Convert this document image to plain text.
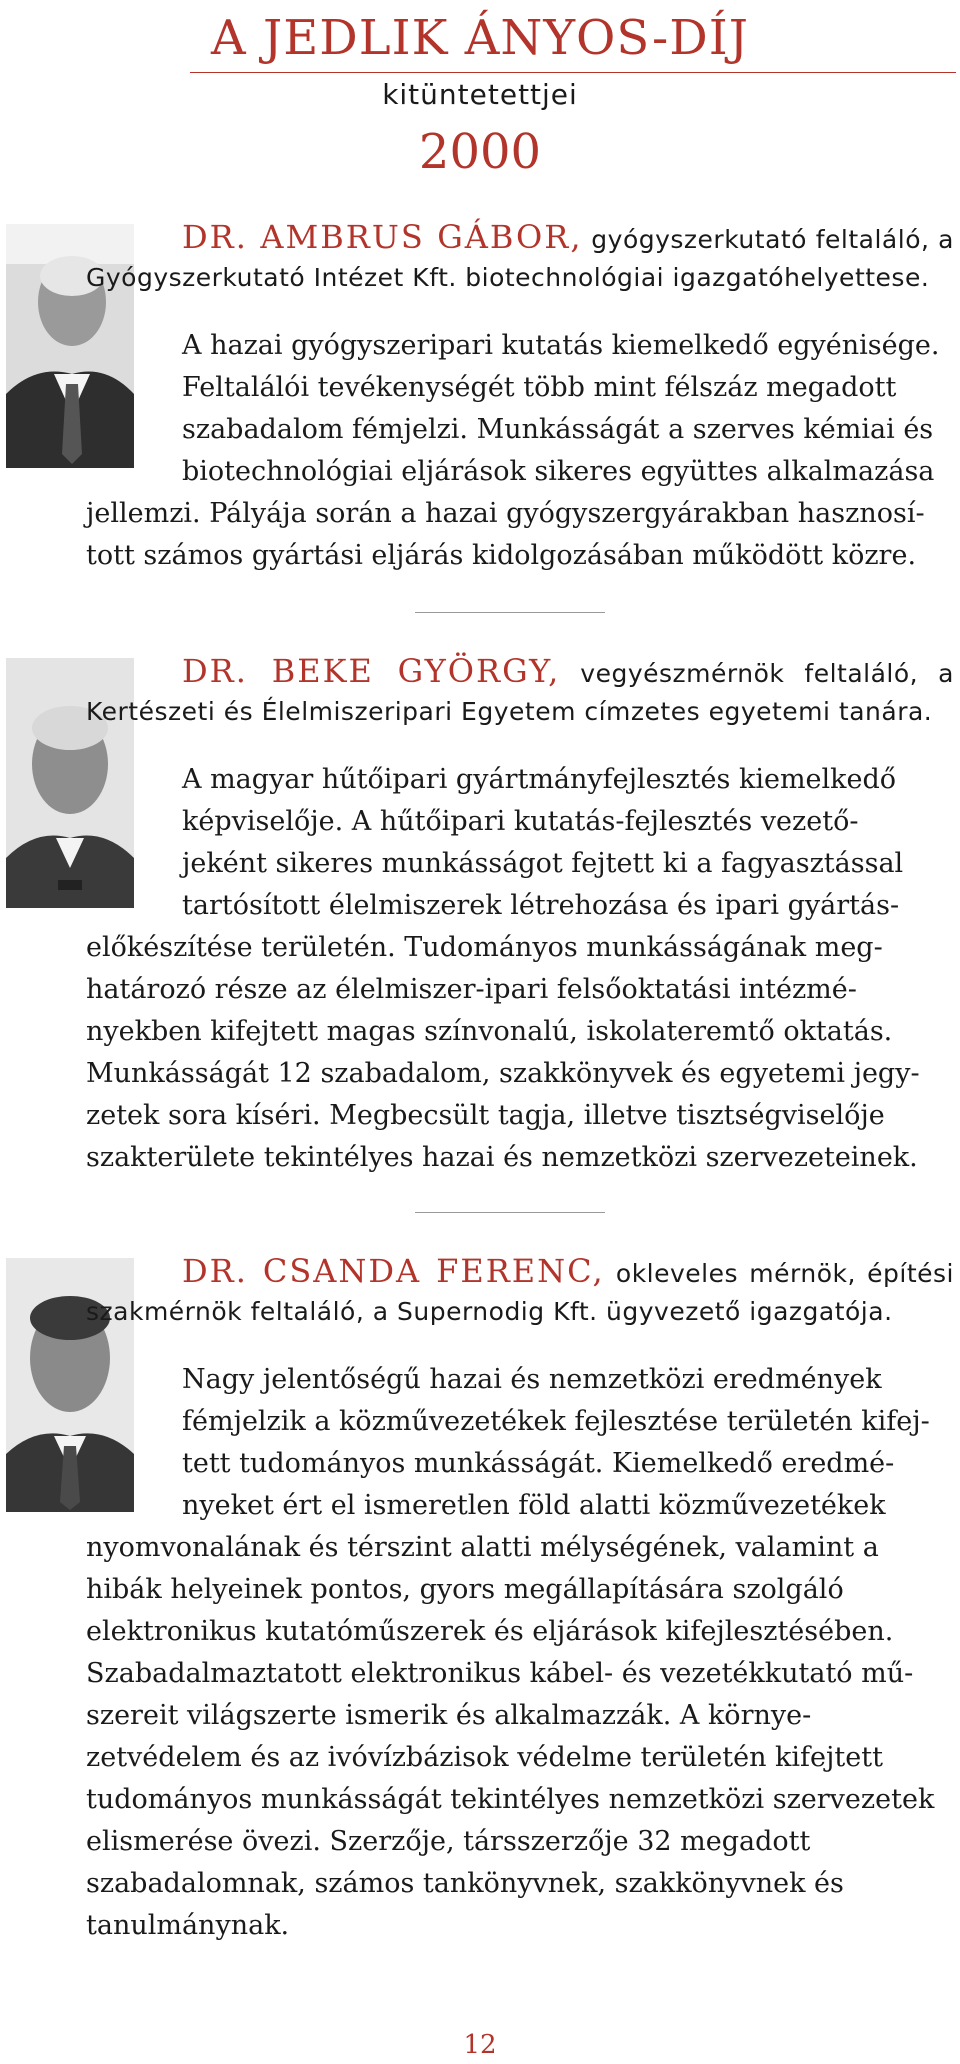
A JEDLIK ÁNYOS-DÍJ
kitüntetettjei
2000
DR. AMBRUS GÁBOR, gyógyszerkutató feltaláló, a Gyógyszerkutató Intézet Kft. biotechnológiai igazgatóhelyettese.
A hazai gyógyszeripari kutatás kiemelkedő egyénisége.
Feltalálói tevékenységét több mint félszáz megadott
szabadalom fémjelzi. Munkásságát a szerves kémiai és
biotechnológiai eljárások sikeres együttes alkalmazása
jellemzi. Pályája során a hazai gyógyszergyárakban hasznosí-
tott számos gyártási eljárás kidolgozásában működött közre.
DR. BEKE GYÖRGY, vegyészmérnök feltaláló, a Kertészeti és Élelmiszeripari Egyetem címzetes egyetemi tanára.
A magyar hűtőipari gyártmányfejlesztés kiemelkedő
képviselője. A hűtőipari kutatás-fejlesztés vezető-
jeként sikeres munkásságot fejtett ki a fagyasztással
tartósított élelmiszerek létrehozása és ipari gyártás-
előkészítése területén. Tudományos munkásságának meg-
határozó része az élelmiszer-ipari felsőoktatási intézmé-
nyekben kifejtett magas színvonalú, iskolateremtő oktatás.
Munkásságát 12 szabadalom, szakkönyvek és egyetemi jegy-
zetek sora kíséri. Megbecsült tagja, illetve tisztségviselője
szakterülete tekintélyes hazai és nemzetközi szervezeteinek.
DR. CSANDA FERENC, okleveles mérnök, építési szakmérnök feltaláló, a Supernodig Kft. ügyvezető igazgatója.
Nagy jelentőségű hazai és nemzetközi eredmények
fémjelzik a közművezetékek fejlesztése területén kifej-
tett tudományos munkásságát. Kiemelkedő eredmé-
nyeket ért el ismeretlen föld alatti közművezetékek
nyomvonalának és térszint alatti mélységének, valamint a
hibák helyeinek pontos, gyors megállapítására szolgáló
elektronikus kutatóműszerek és eljárások kifejlesztésében.
Szabadalmaztatott elektronikus kábel- és vezetékkutató mű-
szereit világszerte ismerik és alkalmazzák. A környe-
zetvédelem és az ivóvízbázisok védelme területén kifejtett
tudományos munkásságát tekintélyes nemzetközi szervezetek
elismerése övezi. Szerzője, társszerzője 32 megadott
szabadalomnak, számos tankönyvnek, szakkönyvnek és
tanulmánynak.
12
